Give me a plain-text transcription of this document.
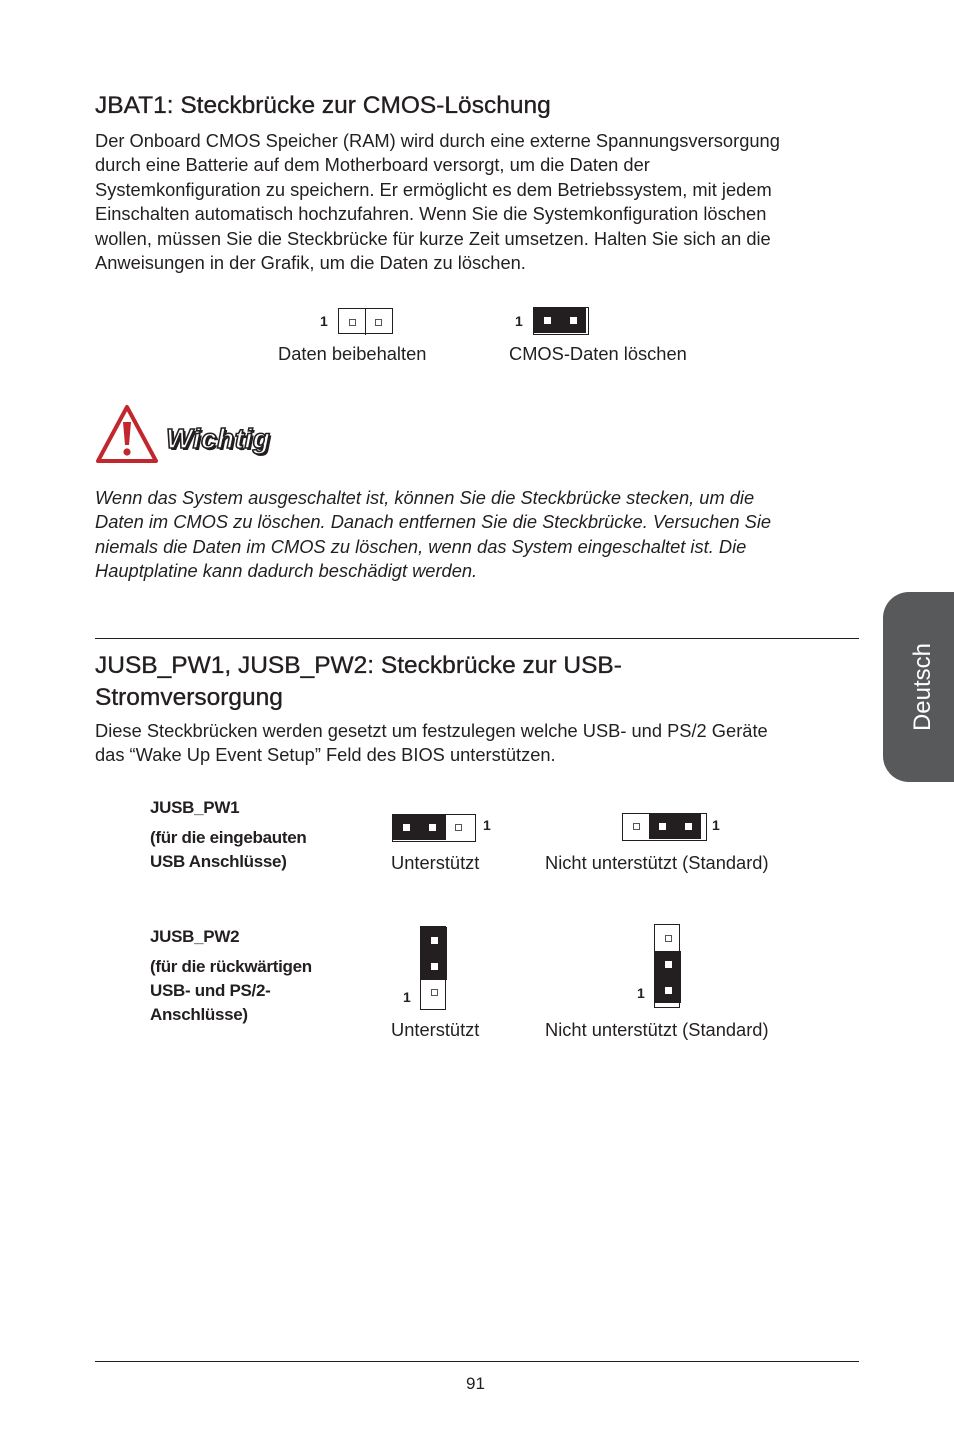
JBAT1: Steckbrücke zur CMOS-Löschung

Der Onboard CMOS Speicher (RAM) wird durch eine externe Spannungsversorgung
durch eine Batterie auf dem Motherboard versorgt, um die Daten der
Systemkonfiguration zu speichern. Er ermöglicht es dem Betriebssystem, mit jedem
Einschalten automatisch hochzufahren. Wenn Sie die Systemkonfiguration löschen
wollen, müssen Sie die Steckbrücke für kurze Zeit umsetzen. Halten Sie sich an die
Anweisungen in der Grafik, um die Daten zu löschen.

1
Daten beibehalten
1
CMOS-Daten löschen
Wichtig

Wenn das System ausgeschaltet ist, können Sie die Steckbrücke stecken, um die
Daten im CMOS zu löschen. Danach entfernen Sie die Steckbrücke. Versuchen Sie
niemals die Daten im CMOS zu löschen, wenn das System eingeschaltet ist. Die
Hauptplatine kann dadurch beschädigt werden.

JUSB_PW1, JUSB_PW2: Steckbrücke zur USB-
Stromversorgung

Diese Steckbrücken werden gesetzt um festzulegen welche USB- und PS/2 Geräte
das “Wake Up Event Setup” Feld des BIOS unterstützen.

JUSB_PW1
(für die eingebauten
USB Anschlüsse)
1
Unterstützt
1
Nicht unterstützt (Standard)
JUSB_PW2
(für die rückwärtigen
USB- und PS/2-
Anschlüsse)
1
Unterstützt
1
Nicht unterstützt (Standard)
Deutsch
91
